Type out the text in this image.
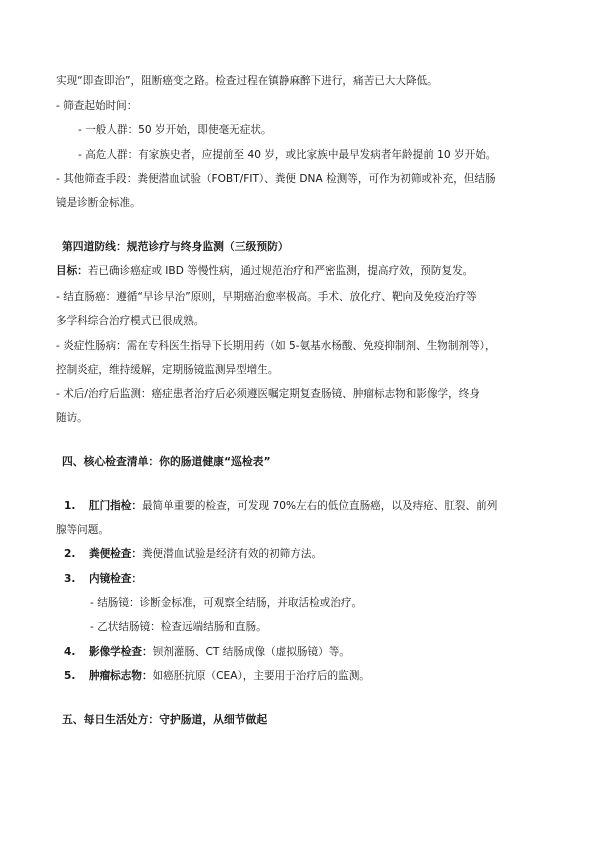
实现“即查即治”，阻断癌变之路。检查过程在镇静麻醉下进行，痛苦已大大降低。
- 筛查起始时间：
- 一般人群：50 岁开始，即使毫无症状。
- 高危人群：有家族史者，应提前至 40 岁，或比家族中最早发病者年龄提前 10 岁开始。
- 其他筛查手段：粪便潜血试验（FOBT/FIT）、粪便 DNA 检测等，可作为初筛或补充，但结肠
镜是诊断金标准。
第四道防线：规范诊疗与终身监测（三级预防）
目标：若已确诊癌症或 IBD 等慢性病，通过规范治疗和严密监测，提高疗效，预防复发。
- 结直肠癌：遵循“早诊早治”原则，早期癌治愈率极高。手术、放化疗、靶向及免疫治疗等
多学科综合治疗模式已很成熟。
- 炎症性肠病：需在专科医生指导下长期用药（如 5-氨基水杨酸、免疫抑制剂、生物制剂等），
控制炎症，维持缓解，定期肠镜监测异型增生。
- 术后/治疗后监测：癌症患者治疗后必须遵医嘱定期复查肠镜、肿瘤标志物和影像学，终身
随访。
四、核心检查清单：你的肠道健康“巡检表”
1. 肛门指检：最简单重要的检查，可发现 70%左右的低位直肠癌，以及痔疮、肛裂、前列
腺等问题。
2. 粪便检查：粪便潜血试验是经济有效的初筛方法。
3. 内镜检查：
- 结肠镜：诊断金标准，可观察全结肠，并取活检或治疗。
- 乙状结肠镜：检查远端结肠和直肠。
4. 影像学检查：钡剂灌肠、CT 结肠成像（虚拟肠镜）等。
5. 肿瘤标志物：如癌胚抗原（CEA），主要用于治疗后的监测。
五、每日生活处方：守护肠道，从细节做起
